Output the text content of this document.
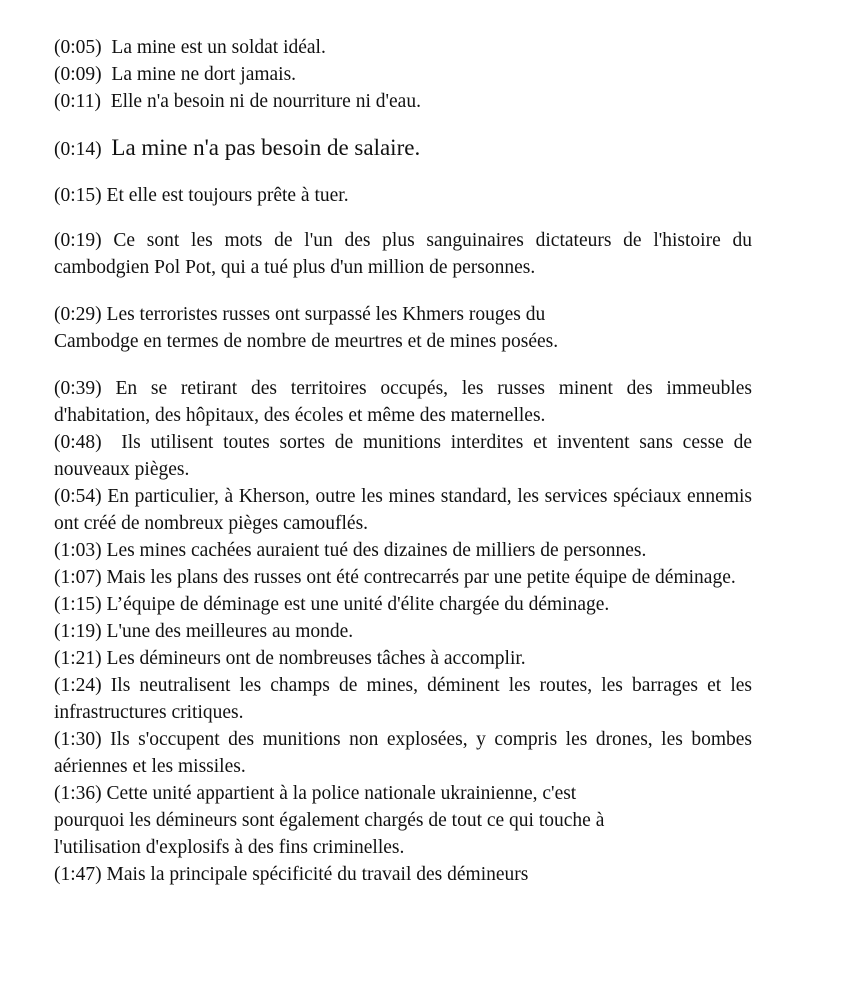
(0:05) La mine est un soldat idéal.

(0:09) La mine ne dort jamais.

(0:11) Elle n'a besoin ni de nourriture ni d'eau.

(0:14) La mine n'a pas besoin de salaire.

(0:15) Et elle est toujours prête à tuer.

(0:19) Ce sont les mots de l'un des plus sanguinaires dictateurs de l'histoire du cambodgien Pol Pot, qui a tué plus d'un million de personnes.

(0:29) Les terroristes russes ont surpassé les Khmers rouges du

Cambodge en termes de nombre de meurtres et de mines posées.

(0:39) En se retirant des territoires occupés, les russes minent des immeubles d'habitation, des hôpitaux, des écoles et même des maternelles.

(0:48) Ils utilisent toutes sortes de munitions interdites et inventent sans cesse de nouveaux pièges.

(0:54) En particulier, à Kherson, outre les mines standard, les services spéciaux ennemis ont créé de nombreux pièges camouflés.

(1:03) Les mines cachées auraient tué des dizaines de milliers de personnes.

(1:07) Mais les plans des russes ont été contrecarrés par une petite équipe de déminage.

(1:15) L’équipe de déminage est une unité d'élite chargée du déminage.

(1:19) L'une des meilleures au monde.

(1:21) Les démineurs ont de nombreuses tâches à accomplir.

(1:24) Ils neutralisent les champs de mines, déminent les routes, les barrages et les infrastructures critiques.

(1:30) Ils s'occupent des munitions non explosées, y compris les drones, les bombes aériennes et les missiles.

(1:36) Cette unité appartient à la police nationale ukrainienne, c'est

pourquoi les démineurs sont également chargés de tout ce qui touche à

l'utilisation d'explosifs à des fins criminelles.

(1:47) Mais la principale spécificité du travail des démineurs
